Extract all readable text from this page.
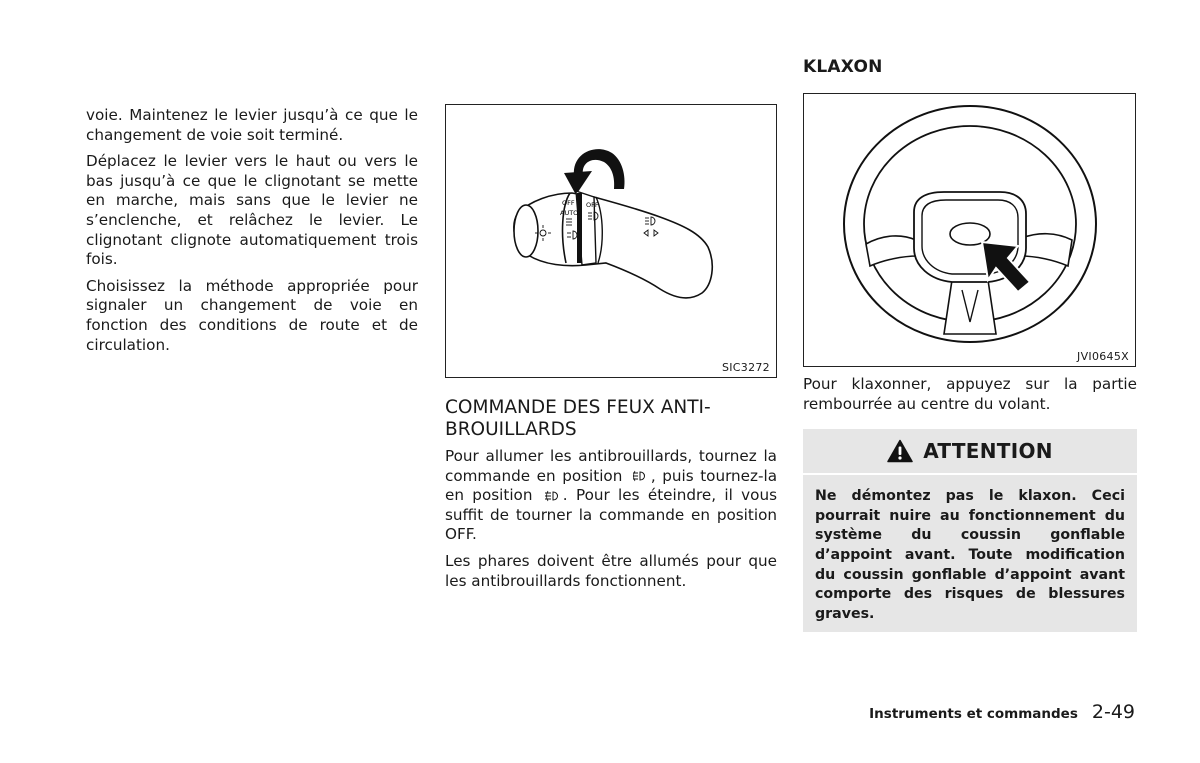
voie. Maintenez le levier jusqu’à ce que le changement de voie soit terminé.

Déplacez le levier vers le haut ou vers le bas jusqu’à ce que le clignotant se mette en marche, mais sans que le levier ne s’enclenche, et relâchez le levier. Le clignotant clignote automatiquement trois fois.

Choisissez la méthode appropriée pour signaler un changement de voie en fonction des conditions de route et de circulation.

OFF
AUTO
OFF
SIC3272
COMMANDE DES FEUX ANTI-BROUILLARDS

Pour allumer les antibrouillards, tournez la commande en position , puis tournez-la en position . Pour les éteindre, il vous suffit de tourner la commande en position OFF.

Les phares doivent être allumés pour que les antibrouillards fonctionnent.

KLAXON
JVI0645X

Pour klaxonner, appuyez sur la partie rembourrée au centre du volant.

ATTENTION
Ne démontez pas le klaxon. Ceci pourrait nuire au fonctionnement du système du coussin gonflable d’appoint avant. Toute modification du coussin gonflable d’appoint avant comporte des risques de blessures graves.
Instruments et commandes 2-49
